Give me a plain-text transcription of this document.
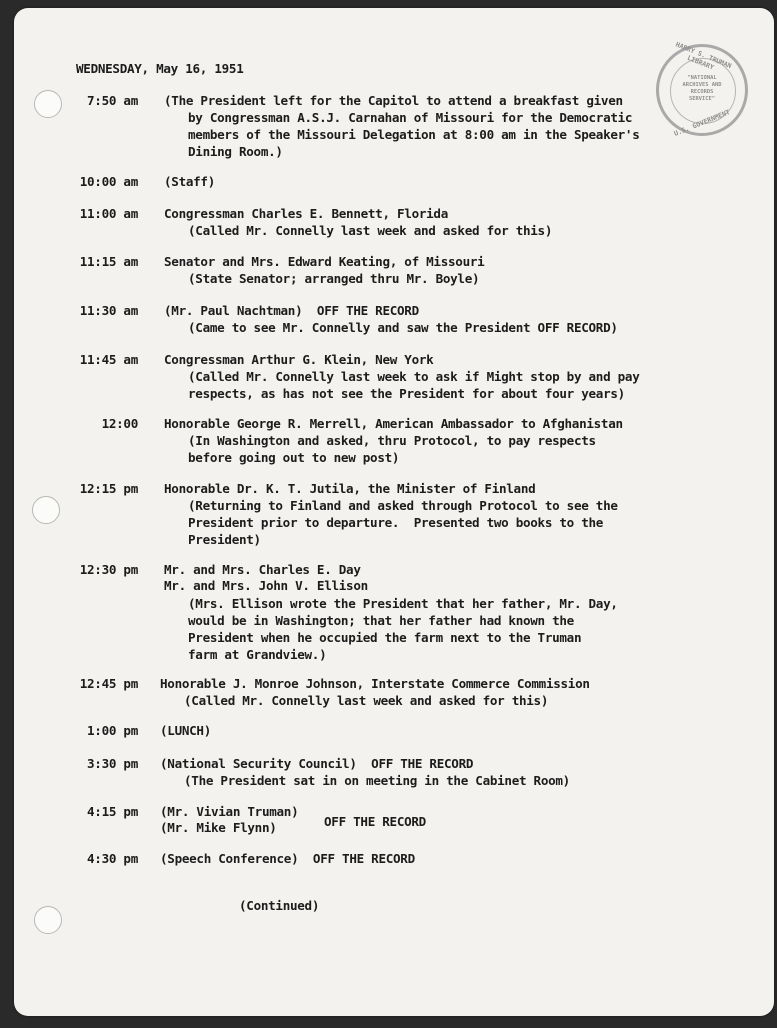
HARRY S. TRUMAN LIBRARY
"NATIONAL
ARCHIVES AND
RECORDS
SERVICE"
U.S. GOVERNMENT
WEDNESDAY, May 16, 1951
7:50 am (The President left for the Capitol to attend a breakfast given
by Congressman A.S.J. Carnahan of Missouri for the Democratic
members of the Missouri Delegation at 8:00 am in the Speaker's
Dining Room.)
10:00 am (Staff)
11:00 am Congressman Charles E. Bennett, Florida
(Called Mr. Connelly last week and asked for this)
11:15 am Senator and Mrs. Edward Keating, of Missouri
(State Senator; arranged thru Mr. Boyle)
11:30 am (Mr. Paul Nachtman)  OFF THE RECORD
(Came to see Mr. Connelly and saw the President OFF RECORD)
11:45 am Congressman Arthur G. Klein, New York
(Called Mr. Connelly last week to ask if Might stop by and pay
respects, as has not see the President for about four years)
12:00 Honorable George R. Merrell, American Ambassador to Afghanistan
(In Washington and asked, thru Protocol, to pay respects
before going out to new post)
12:15 pm Honorable Dr. K. T. Jutila, the Minister of Finland
(Returning to Finland and asked through Protocol to see the
President prior to departure.  Presented two books to the
President)
12:30 pm Mr. and Mrs. Charles E. Day
Mr. and Mrs. John V. Ellison
(Mrs. Ellison wrote the President that her father, Mr. Day,
would be in Washington; that her father had known the
President when he occupied the farm next to the Truman
farm at Grandview.)
12:45 pm Honorable J. Monroe Johnson, Interstate Commerce Commission
(Called Mr. Connelly last week and asked for this)
1:00 pm (LUNCH)
3:30 pm (National Security Council)  OFF THE RECORD
(The President sat in on meeting in the Cabinet Room)
4:15 pm (Mr. Vivian Truman)
(Mr. Mike Flynn)	OFF THE RECORD
4:30 pm (Speech Conference)  OFF THE RECORD
(Continued)
